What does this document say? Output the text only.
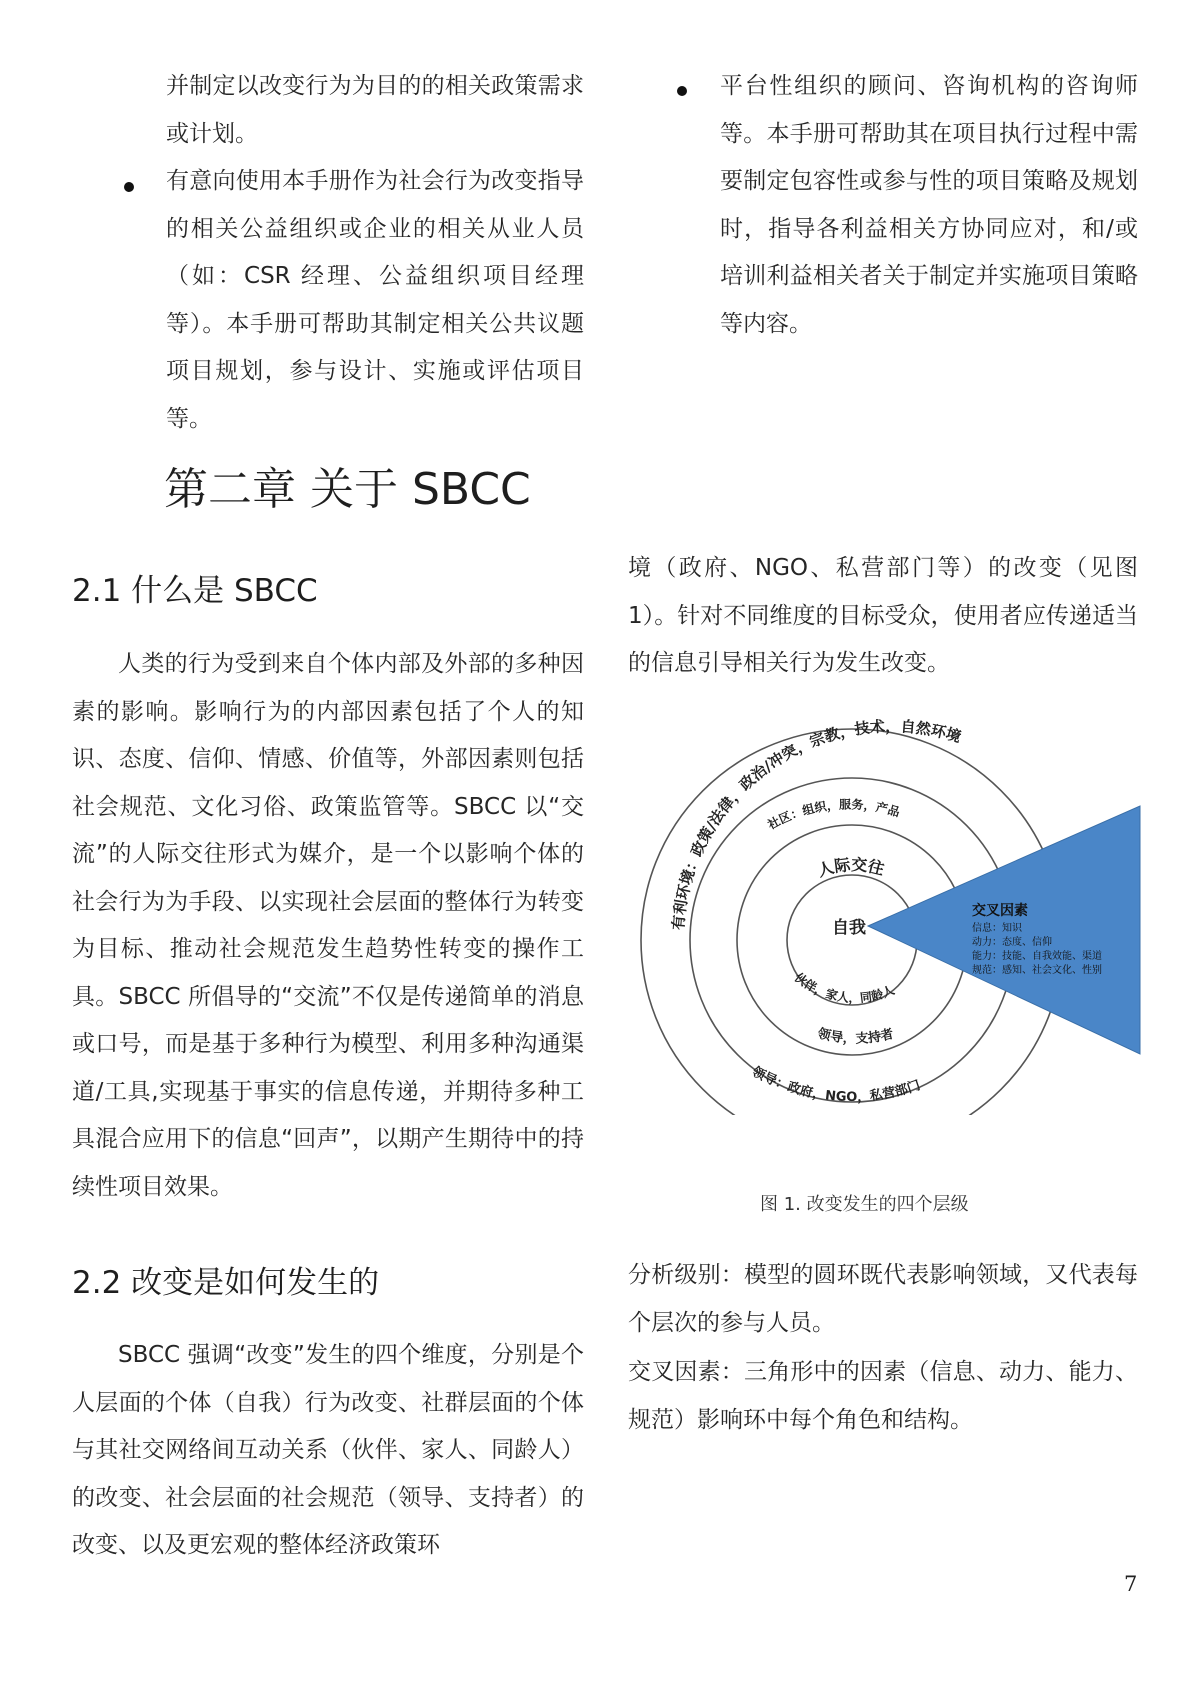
并制定以改变行为为目的的相关政策需求或计划。

有意向使用本手册作为社会行为改变指导的相关公益组织或企业的相关从业人员（如：CSR 经理、公益组织项目经理等）。本手册可帮助其制定相关公共议题项目规划，参与设计、实施或评估项目等。

平台性组织的顾问、咨询机构的咨询师等。本手册可帮助其在项目执行过程中需要制定包容性或参与性的项目策略及规划时，指导各利益相关方协同应对，和/或培训利益相关者关于制定并实施项目策略等内容。

第二章 关于 SBCC
2.1 什么是 SBCC

人类的行为受到来自个体内部及外部的多种因素的影响。影响行为的内部因素包括了个人的知识、态度、信仰、情感、价值等，外部因素则包括社会规范、文化习俗、政策监管等。SBCC 以“交流”的人际交往形式为媒介，是一个以影响个体的社会行为为手段、以实现社会层面的整体行为转变为目标、推动社会规范发生趋势性转变的操作工具。SBCC 所倡导的“交流”不仅是传递简单的消息或口号，而是基于多种行为模型、利用多种沟通渠道/工具,实现基于事实的信息传递，并期待多种工具混合应用下的信息“回声”，以期产生期待中的持续性项目效果。

2.2 改变是如何发生的

SBCC 强调“改变”发生的四个维度，分别是个人层面的个体（自我）行为改变、社群层面的个体与其社交网络间互动关系（伙伴、家人、同龄人）的改变、社会层面的社会规范（领导、支持者）的改变、以及更宏观的整体经济政策环

境（政府、NGO、私营部门等）的改变（见图 1）。针对不同维度的目标受众，使用者应传递适当的信息引导相关行为发生改变。

有利环境：政策/法律，政治/冲突，宗教，技术，自然环境
社区：组织，服务，产品
人际交往
自我
伙伴，家人，同龄人
领导，支持者
领导：政府，NGO，私营部门
交叉因素
信息：知识
动力：态度、信仰
能力：技能、自我效能、渠道
规范：感知、社会文化、性别
图 1. 改变发生的四个层级

分析级别：模型的圆环既代表影响领域，又代表每个层次的参与人员。

交叉因素：三角形中的因素（信息、动力、能力、规范）影响环中每个角色和结构。

7
